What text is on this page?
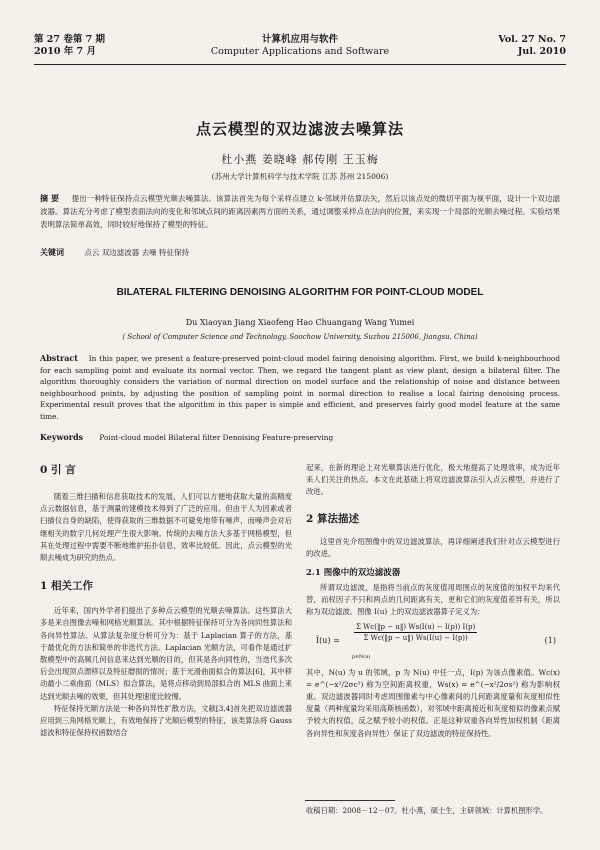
第 27 卷第 7 期
2010 年 7 月
计算机应用与软件
Computer Applications and Software
Vol. 27 No. 7
Jul. 2010
点云模型的双边滤波去噪算法
杜小燕 姜晓峰 郝传刚 王玉梅
(苏州大学计算机科学与技术学院 江苏 苏州 215006)
摘 要 提出一种特征保持点云模型光顺去噪算法。该算法首先为每个采样点建立 k-邻域并估算法矢，然后以该点处的微切平面为视平面，设计一个双边滤波器。算法充分考虑了模型表面法向的变化和邻域点间的距离因素两方面的关系，通过调整采样点在法向的位置，来实现一个局部的光顺去噪过程。实验结果表明算法简单高效，同时较好地保持了模型的特征。
关键词	点云 双边滤波器 去噪 特征保持
BILATERAL FILTERING DENOISING ALGORITHM FOR POINT-CLOUD MODEL
Du Xiaoyan Jiang Xiaofeng Hao Chuangang Wang Yumei
( School of Computer Science and Technology, Soochow University, Suzhou 215006, Jiangsu, China)
Abstract In this paper, we present a feature-preserved point-cloud model fairing denoising algorithm. First, we build k-neighbourhood for each sampling point and evaluate its normal vector. Then, we regard the tangent plant as view plant, design a bilateral filter. The algorithm thoroughly considers the variation of normal direction on model surface and the relationship of noise and distance between neighbourhood points, by adjusting the position of sampling point in normal direction to realise a local fairing denoising process. Experimental result proves that the algorithm in this paper is simple and efficient, and preserves fairly good model feature at the same time.
Keywords Point-cloud model Bilateral filter Denoising Feature-preserving
0 引 言

随着三维扫描和信息获取技术的发展，人们可以方便地获取大量的高精度点云数据信息，基于测量的建模技术得到了广泛的应用。但由于人为因素或者扫描仪自身的缺陷，使得获取的三维数据不可避免地带有噪声，而噪声会对后继相关的数字几何处理产生很大影响。传统的去噪方法大多基于网格模型，但其在处理过程中需要不断地维护拓扑信息，效率比较低。因此，点云模型的光顺去噪成为研究的热点。

1 相关工作

近年来，国内外学者们提出了多种点云模型的光顺去噪算法。这些算法大多是来自图像去噪和网格光顺算法。其中根据特征保持可分为各向同性算法和各向异性算法。从算法复杂度分析可分为：基于 Laplacian 算子的方法，基于最优化的方法和简单的非迭代方法。Laplacian 光顺方法，可看作是通过扩散模型中的高频几何信息来达到光顺的目的，但其是各向同性的，当迭代多次后会出现顶点漂移以及特征磨损的情况；基于光滑曲面拟合的算法[6]，其中移动最小二乘曲面（MLS）拟合算法，是将点移动到局部拟合的 MLS 曲面上来达到光顺去噪的效果，但其处理速度比较慢。

特征保持光顺方法是一种各向异性扩散方法，文献[3,4]首先把双边滤波器应用到三角网格光顺上，有效地保持了光顺后模型的特征，该类算法将 Gauss 滤波和特征保持权函数结合

起来，在新的理论上对光顺算法进行优化，极大地提高了处理效率，成为近年来人们关注的热点。本文在此基础上将双边滤波算法引入点云模型，并进行了改进。

2 算法描述

这里首先介绍图像中的双边滤波算法，再详细阐述我们针对点云模型进行的改进。

2.1 图像中的双边滤波器

所谓双边滤波，是指将当前点的灰度值用周围点的灰度值的加权平均来代替，而权因子不只和两点的几何距离有关，更和它们的灰度值差异有关，所以称为双边滤波。图像 I(u) 上的双边滤波器算子定义为：

Î(u) = $\frac{\text{Σ Wc(‖p − u‖) Ws(I(u) − I(p)) I(p)}}{\text{Σ Wc(‖p − u‖) Ws(I(u) − I(p))}}$
p∈N(u)
(1)

其中，N(u) 为 u 的邻域，p 为 N(u) 中任一点，I(p) 为该点像素值。Wc(x) = e^(−x²/2σc²) 称为空间距离权重，Ws(x) = e^(−x²/2σs²) 称为影响权重。双边滤波器同时考虑周围像素与中心像素间的几何距离度量和灰度相似性度量（两种度量均采用高斯核函数），对邻域中距离接近和灰度相似的像素点赋予较大的权值，反之赋予较小的权值。正是这种双重各向异性加权机制（距离各向异性和灰度各向异性）保证了双边滤波的特征保持性。

收稿日期：2008－12－07。杜小燕，硕士生，主研领域：计算机图形学。
